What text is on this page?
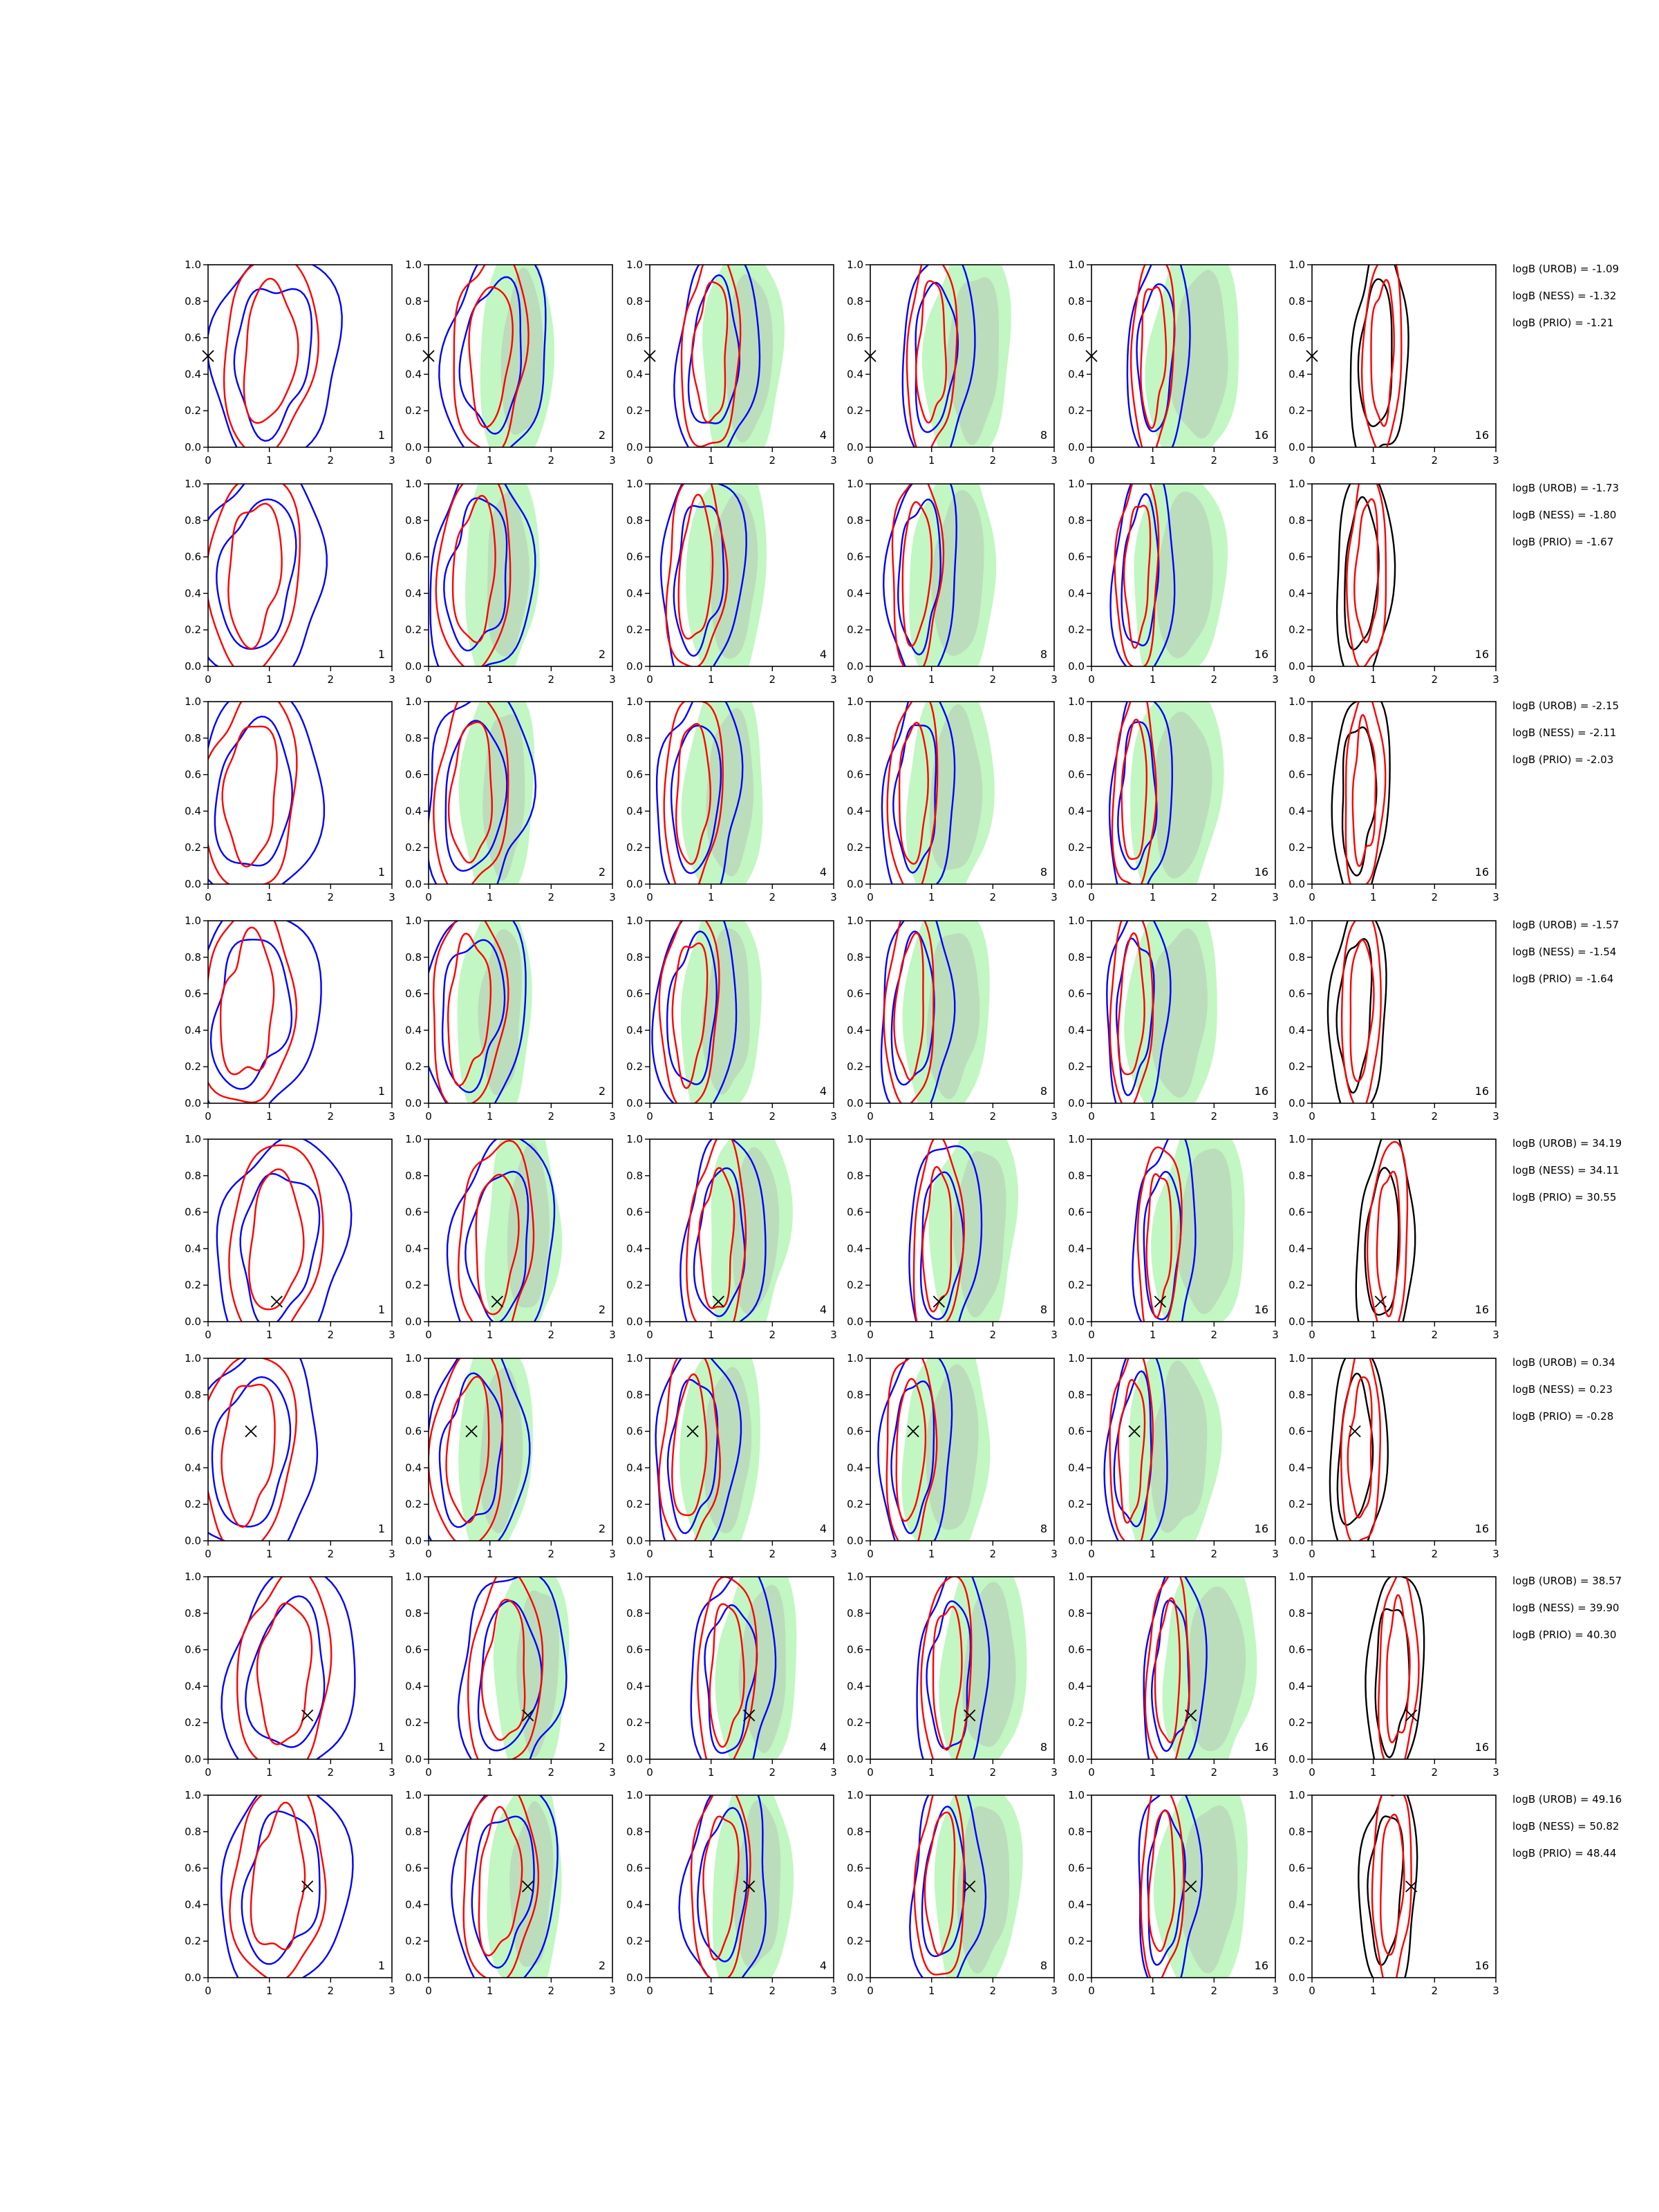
logB (UROB) = -1.09
logB (NESS) = -1.32
logB (PRIO) = -1.21
0	1	2	3
0.0
0.2
0.4
0.6
0.8
1.0
1
0	1	2	3
0.0
0.2
0.4
0.6
0.8
1.0
2
0	1	2	3
0.0
0.2
0.4
0.6
0.8
1.0
4
0	1	2	3
0.0
0.2
0.4
0.6
0.8
1.0
8
0	1	2	3
0.0
0.2
0.4
0.6
0.8
1.0
16
0	1	2	3
0.0
0.2
0.4
0.6
0.8
1.0
16
logB (UROB) = -1.73
logB (NESS) = -1.80
logB (PRIO) = -1.67
0	1	2	3
0.0
0.2
0.4
0.6
0.8
1.0
1
0	1	2	3
0.0
0.2
0.4
0.6
0.8
1.0
2
0	1	2	3
0.0
0.2
0.4
0.6
0.8
1.0
4
0	1	2	3
0.0
0.2
0.4
0.6
0.8
1.0
8
0	1	2	3
0.0
0.2
0.4
0.6
0.8
1.0
16
0	1	2	3
0.0
0.2
0.4
0.6
0.8
1.0
16
logB (UROB) = -2.15
logB (NESS) = -2.11
logB (PRIO) = -2.03
0	1	2	3
0.0
0.2
0.4
0.6
0.8
1.0
1
0	1	2	3
0.0
0.2
0.4
0.6
0.8
1.0
2
0	1	2	3
0.0
0.2
0.4
0.6
0.8
1.0
4
0	1	2	3
0.0
0.2
0.4
0.6
0.8
1.0
8
0	1	2	3
0.0
0.2
0.4
0.6
0.8
1.0
16
0	1	2	3
0.0
0.2
0.4
0.6
0.8
1.0
16
logB (UROB) = -1.57
logB (NESS) = -1.54
logB (PRIO) = -1.64
0	1	2	3
0.0
0.2
0.4
0.6
0.8
1.0
1
0	1	2	3
0.0
0.2
0.4
0.6
0.8
1.0
2
0	1	2	3
0.0
0.2
0.4
0.6
0.8
1.0
4
0	1	2	3
0.0
0.2
0.4
0.6
0.8
1.0
8
0	1	2	3
0.0
0.2
0.4
0.6
0.8
1.0
16
0	1	2	3
0.0
0.2
0.4
0.6
0.8
1.0
16
logB (UROB) = 34.19
logB (NESS) = 34.11
logB (PRIO) = 30.55
0	1	2	3
0.0
0.2
0.4
0.6
0.8
1.0
1
0	1	2	3
0.0
0.2
0.4
0.6
0.8
1.0
2
0	1	2	3
0.0
0.2
0.4
0.6
0.8
1.0
4
0	1	2	3
0.0
0.2
0.4
0.6
0.8
1.0
8
0	1	2	3
0.0
0.2
0.4
0.6
0.8
1.0
16
0	1	2	3
0.0
0.2
0.4
0.6
0.8
1.0
16
logB (UROB) = 0.34
logB (NESS) = 0.23
logB (PRIO) = -0.28
0	1	2	3
0.0
0.2
0.4
0.6
0.8
1.0
1
0	1	2	3
0.0
0.2
0.4
0.6
0.8
1.0
2
0	1	2	3
0.0
0.2
0.4
0.6
0.8
1.0
4
0	1	2	3
0.0
0.2
0.4
0.6
0.8
1.0
8
0	1	2	3
0.0
0.2
0.4
0.6
0.8
1.0
16
0	1	2	3
0.0
0.2
0.4
0.6
0.8
1.0
16
logB (UROB) = 38.57
logB (NESS) = 39.90
logB (PRIO) = 40.30
0	1	2	3
0.0
0.2
0.4
0.6
0.8
1.0
1
0	1	2	3
0.0
0.2
0.4
0.6
0.8
1.0
2
0	1	2	3
0.0
0.2
0.4
0.6
0.8
1.0
4
0	1	2	3
0.0
0.2
0.4
0.6
0.8
1.0
8
0	1	2	3
0.0
0.2
0.4
0.6
0.8
1.0
16
0	1	2	3
0.0
0.2
0.4
0.6
0.8
1.0
16
logB (UROB) = 49.16
logB (NESS) = 50.82
logB (PRIO) = 48.44
0	1	2	3
0.0
0.2
0.4
0.6
0.8
1.0
1
0	1	2	3
0.0
0.2
0.4
0.6
0.8
1.0
2
0	1	2	3
0.0
0.2
0.4
0.6
0.8
1.0
4
0	1	2	3
0.0
0.2
0.4
0.6
0.8
1.0
8
0	1	2	3
0.0
0.2
0.4
0.6
0.8
1.0
16
0	1	2	3
0.0
0.2
0.4
0.6
0.8
1.0
16
